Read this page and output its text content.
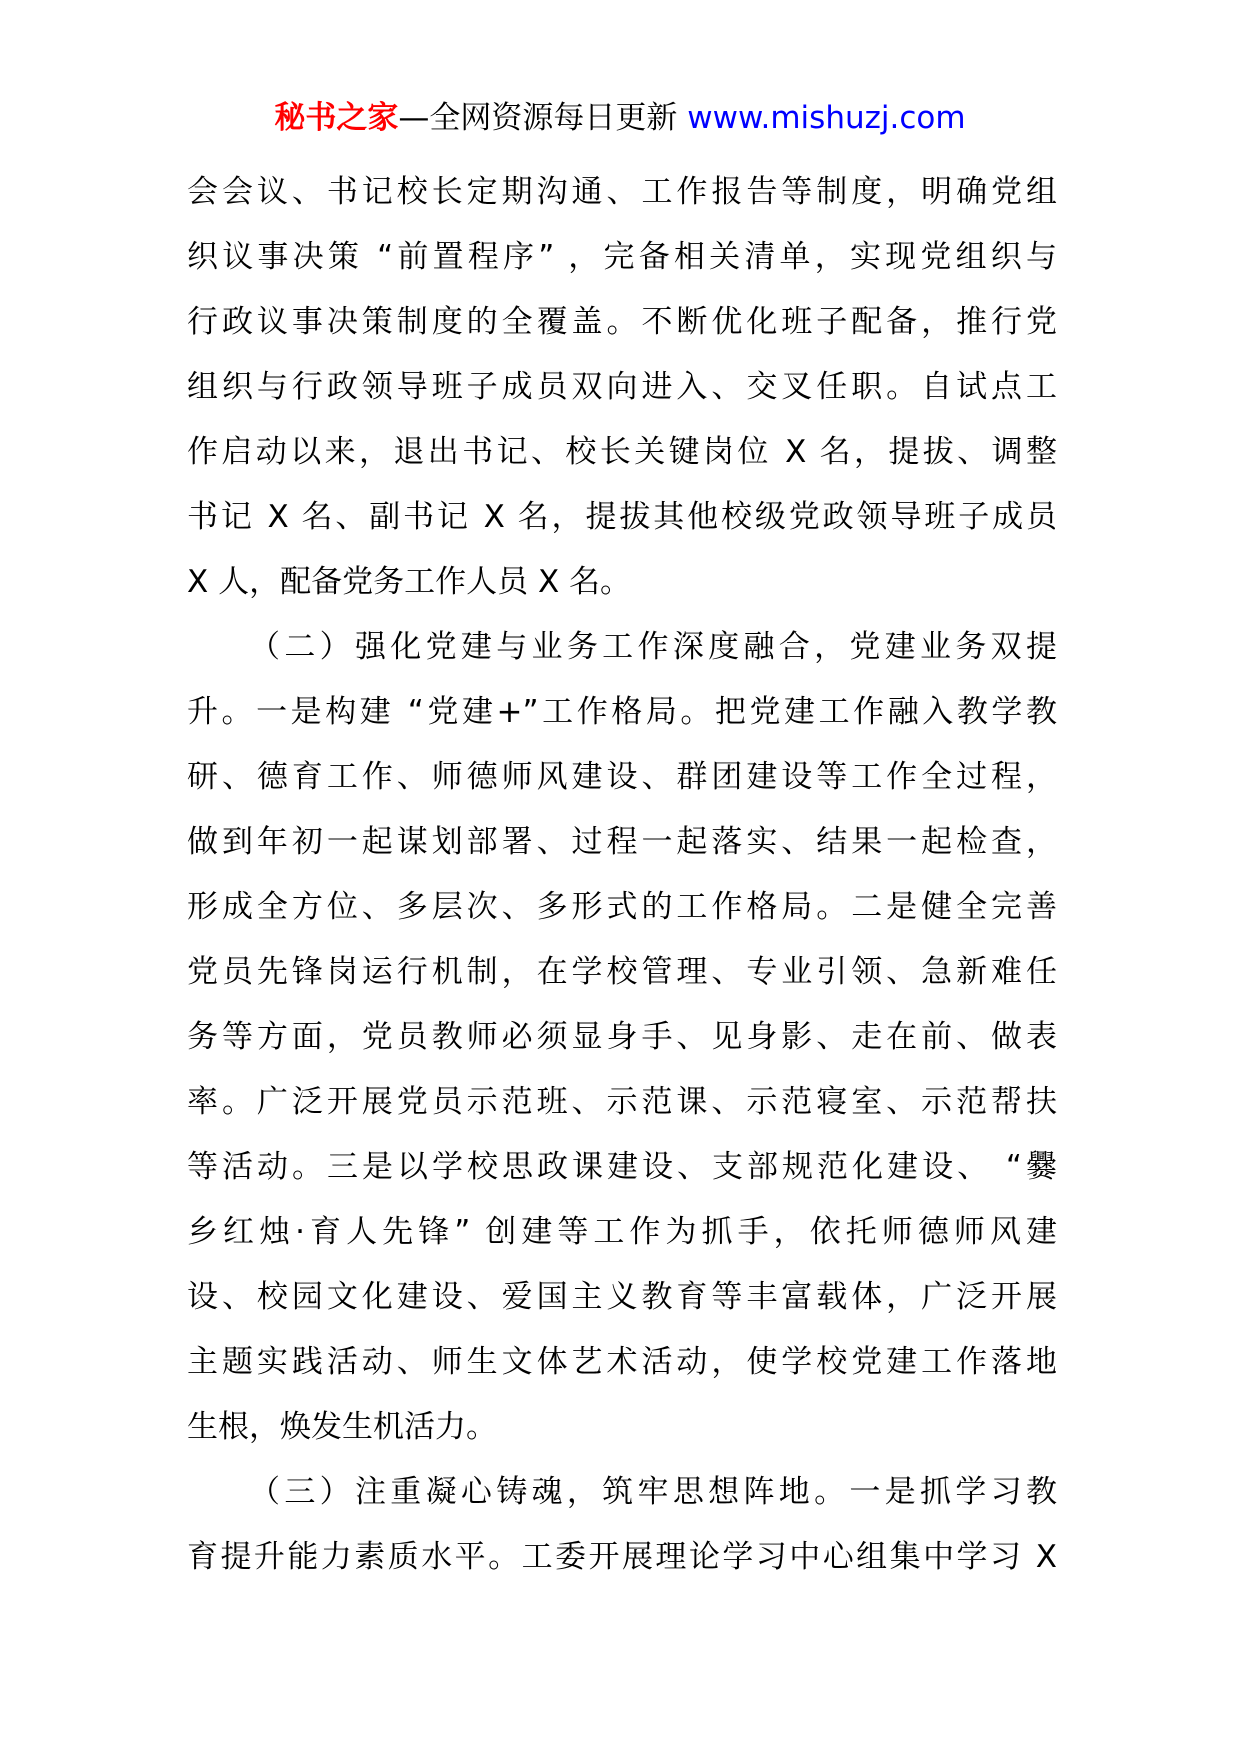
秘书之家—全网资源每日更新 www.mishuzj.com
会会议、书记校长定期沟通、工作报告等制度，明确党组
织议事决策 “前置程序” ，完备相关清单，实现党组织与
行政议事决策制度的全覆盖。不断优化班子配备，推行党
组织与行政领导班子成员双向进入、交叉任职。自试点工
作启动以来，退出书记、校长关键岗位 X 名，提拔、调整
书记 X 名、副书记 X 名，提拔其他校级党政领导班子成员
X 人，配备党务工作人员 X 名。
（二）强化党建与业务工作深度融合，党建业务双提
升。一是构建 “党建+”工作格局。把党建工作融入教学教
研、德育工作、师德师风建设、群团建设等工作全过程，
做到年初一起谋划部署、过程一起落实、结果一起检查，
形成全方位、多层次、多形式的工作格局。二是健全完善
党员先锋岗运行机制，在学校管理、专业引领、急新难任
务等方面，党员教师必须显身手、见身影、走在前、做表
率。广泛开展党员示范班、示范课、示范寝室、示范帮扶
等活动。三是以学校思政课建设、支部规范化建设、 “爨
乡红烛·育人先锋” 创建等工作为抓手，依托师德师风建
设、校园文化建设、爱国主义教育等丰富载体，广泛开展
主题实践活动、师生文体艺术活动，使学校党建工作落地
生根，焕发生机活力。
（三）注重凝心铸魂，筑牢思想阵地。一是抓学习教
育提升能力素质水平。工委开展理论学习中心组集中学习 X
